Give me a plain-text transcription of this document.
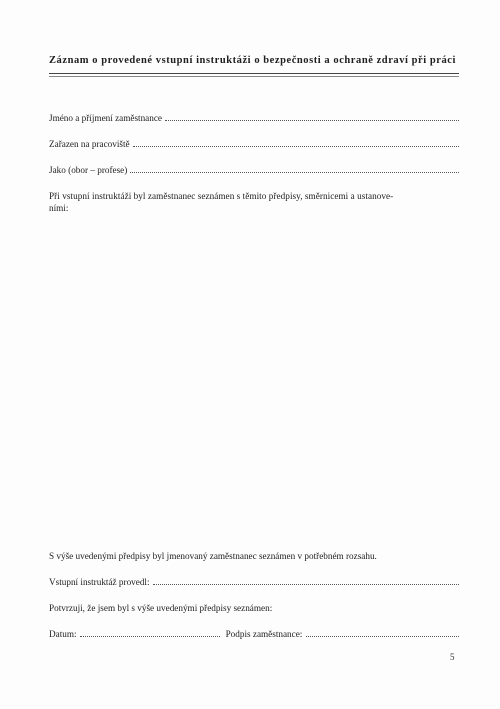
Záznam o provedené vstupní instruktáži o bezpečnosti a ochraně zdraví při práci
Jméno a příjmení zaměstnance
Zařazen na pracoviště
Jako (obor – profese)
Při vstupní instruktáži byl zaměstnanec seznámen s těmito předpisy, směrnicemi a ustanove-
ními:
S výše uvedenými předpisy byl jmenovaný zaměstnanec seznámen v potřebném rozsahu.
Vstupní instruktáž provedl:
Potvrzuji, že jsem byl s výše uvedenými předpisy seznámen:
Datum:	Podpis zaměstnance:
5
